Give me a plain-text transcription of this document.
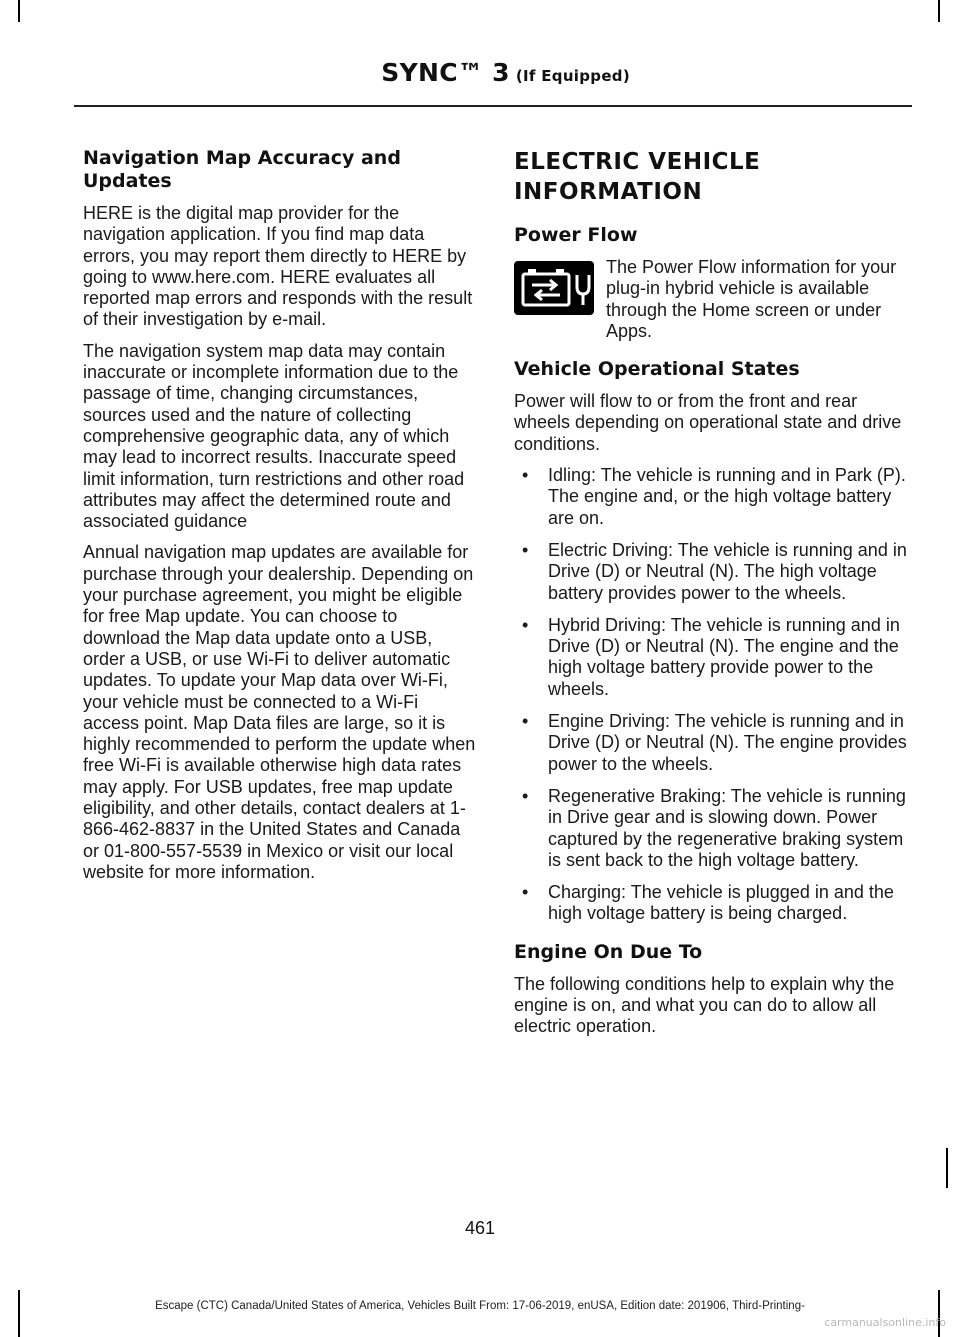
SYNC™ 3 (If Equipped)
Navigation Map Accuracy and Updates

HERE is the digital map provider for the navigation application. If you find map data errors, you may report them directly to HERE by going to www.here.com. HERE evaluates all reported map errors and responds with the result of their investigation by e-mail.

The navigation system map data may contain inaccurate or incomplete information due to the passage of time, changing circumstances, sources used and the nature of collecting comprehensive geographic data, any of which may lead to incorrect results. Inaccurate speed limit information, turn restrictions and other road attributes may affect the determined route and associated guidance

Annual navigation map updates are available for purchase through your dealership. Depending on your purchase agreement, you might be eligible for free Map update. You can choose to download the Map data update onto a USB, order a USB, or use Wi-Fi to deliver automatic updates. To update your Map data over Wi-Fi, your vehicle must be connected to a Wi-Fi access point. Map Data files are large, so it is highly recommended to perform the update when free Wi-Fi is available otherwise high data rates may apply. For USB updates, free map update eligibility, and other details, contact dealers at 1-866-462-8837 in the United States and Canada or 01-800-557-5539 in Mexico or visit our local website for more information.

ELECTRIC VEHICLE
INFORMATION
Power Flow

The Power Flow information for your plug-in hybrid vehicle is available through the Home screen or under Apps.

Vehicle Operational States

Power will flow to or from the front and rear wheels depending on operational state and drive conditions.

• Idling: The vehicle is running and in Park (P). The engine and, or the high voltage battery are on.
• Electric Driving: The vehicle is running and in Drive (D) or Neutral (N). The high voltage battery provides power to the wheels.
• Hybrid Driving: The vehicle is running and in Drive (D) or Neutral (N). The engine and the high voltage battery provide power to the wheels.
• Engine Driving: The vehicle is running and in Drive (D) or Neutral (N). The engine provides power to the wheels.
• Regenerative Braking: The vehicle is running in Drive gear and is slowing down. Power captured by the regenerative braking system is sent back to the high voltage battery.
• Charging: The vehicle is plugged in and the high voltage battery is being charged.
Engine On Due To

The following conditions help to explain why the engine is on, and what you can do to allow all electric operation.

461
Escape (CTC) Canada/United States of America, Vehicles Built From: 17-06-2019, enUSA, Edition date: 201906, Third-Printing-
carmanualsonline.info
